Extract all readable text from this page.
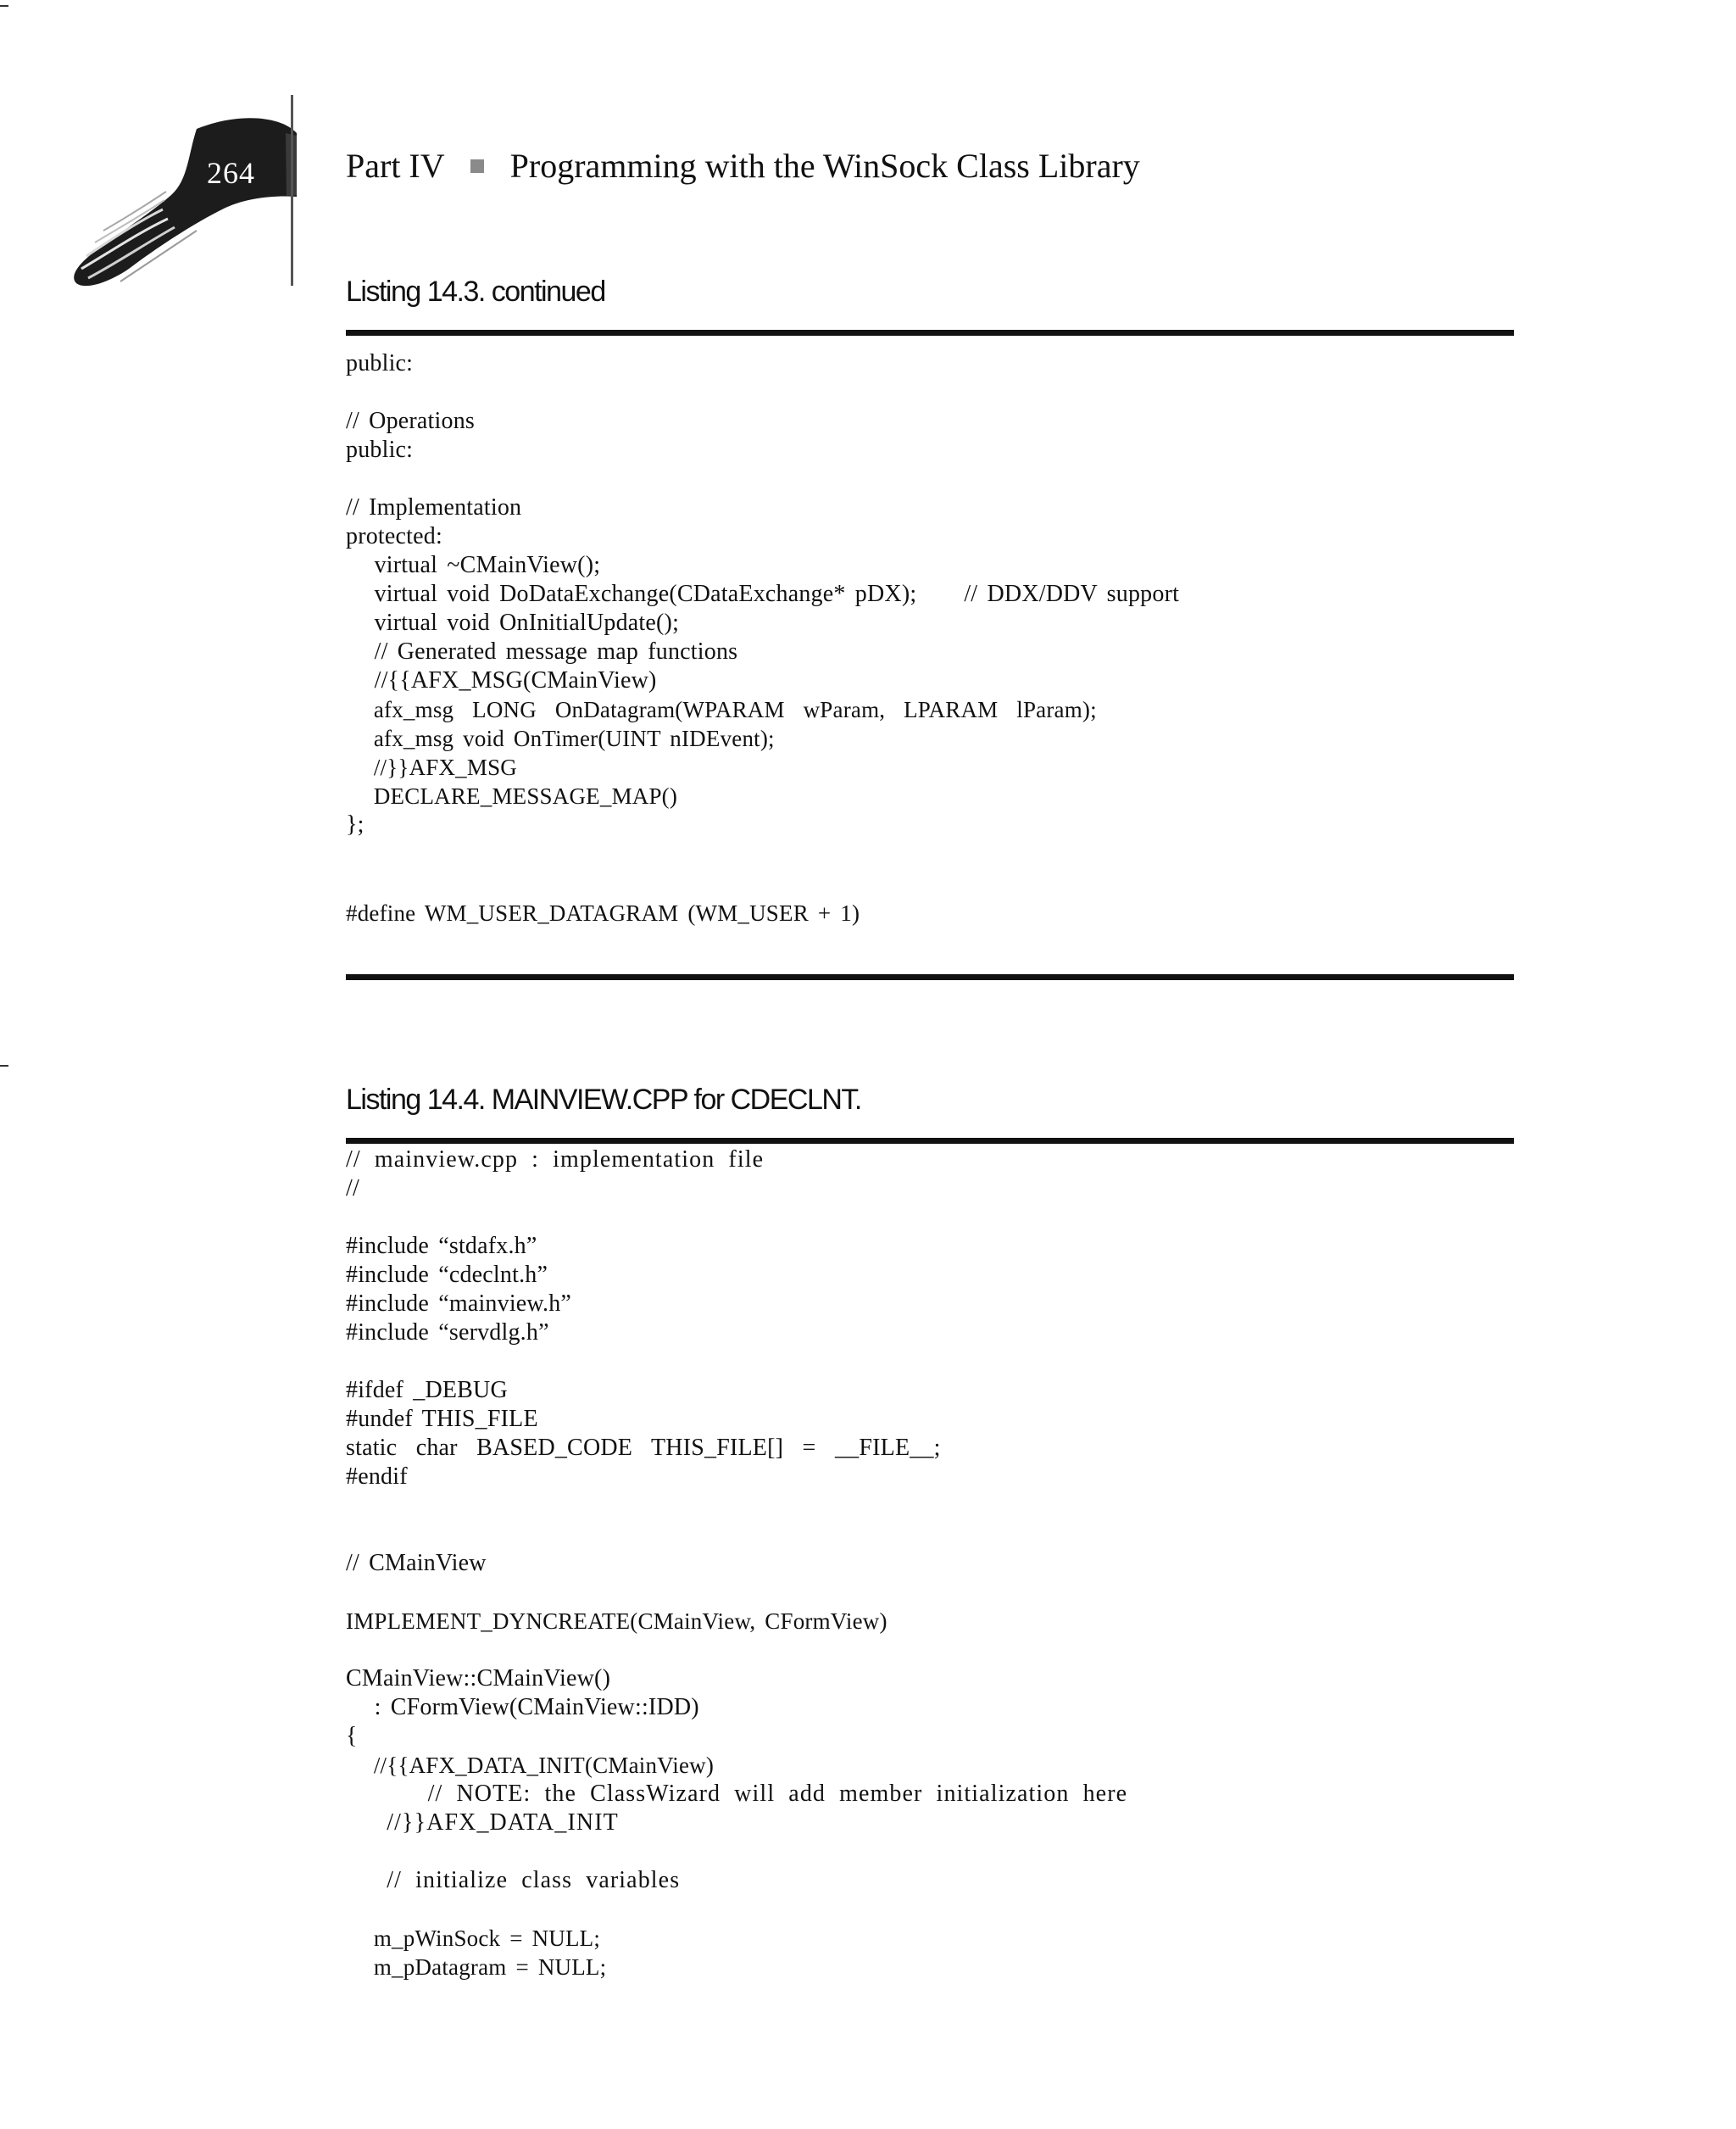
264	Part IV Programming with the WinSock Class Library
Listing 14.3. continued
public:
// Operations
public:
// Implementation
protected:
virtual ~CMainView();
virtual void DoDataExchange(CDataExchange* pDX);     // DDX/DDV support
virtual void OnInitialUpdate();
// Generated message map functions
//{{AFX_MSG(CMainView)
afx_msg  LONG  OnDatagram(WPARAM  wParam,  LPARAM  lParam);
afx_msg void OnTimer(UINT nIDEvent);
//}}AFX_MSG
DECLARE_MESSAGE_MAP()
};
#define WM_USER_DATAGRAM (WM_USER + 1)
Listing 14.4. MAINVIEW.CPP for CDECLNT.
// mainview.cpp : implementation file
//
#include “stdafx.h”
#include “cdeclnt.h”
#include “mainview.h”
#include “servdlg.h”
#ifdef _DEBUG
#undef THIS_FILE
static  char  BASED_CODE  THIS_FILE[]  =  __FILE__;
#endif
// CMainView
IMPLEMENT_DYNCREATE(CMainView, CFormView)
CMainView::CMainView()
: CFormView(CMainView::IDD)
{
//{{AFX_DATA_INIT(CMainView)
// NOTE: the ClassWizard will add member initialization here
//}}AFX_DATA_INIT
// initialize class variables
m_pWinSock = NULL;
m_pDatagram = NULL;
